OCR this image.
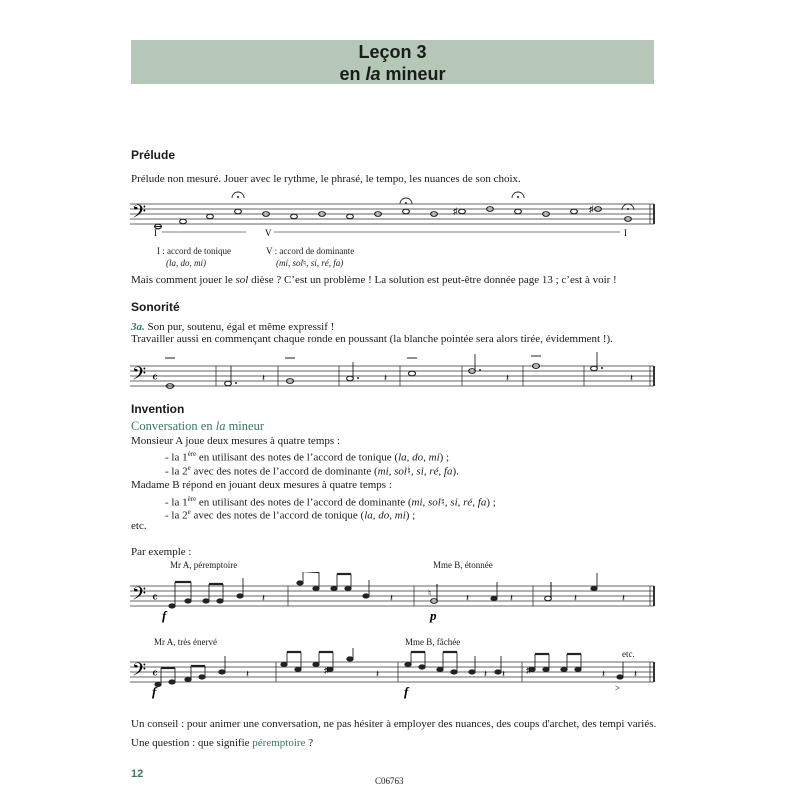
Leçon 3
en la mineur
Prélude
Prélude non mesuré. Jouer avec le rythme, le phrasé, le tempo, les nuances de son choix.
𝄢	♯	♯
I	V	I
I : accord de tonique
(la, do, mi)
V : accord de dominante
(mi, sol♮, si, ré, fa)
Mais comment jouer le sol dièse ? C’est un problème ! La solution est peut-être donnée page 13 ; c’est à voir !
Sonorité
3a. Son pur, soutenu, égal et même expressif !
Travailler aussi en commençant chaque ronde en poussant (la blanche pointée sera alors tirée, évidemment !).
𝄢 𝄴	𝄽	𝄽	𝄽	𝄽
Invention
Conversation en la mineur
Monsieur A joue deux mesures à quatre temps :
- la 1ère en utilisant des notes de l’accord de tonique (la, do, mi) ;
- la 2e avec des notes de l’accord de dominante (mi, sol♮, si, ré, fa).
Madame B répond en jouant deux mesures à quatre temps :
- la 1ère en utilisant des notes de l’accord de dominante (mi, sol♮, si, ré, fa) ;
- la 2e avec des notes de l’accord de tonique (la, do, mi) ;
etc.
Par exemple :
Mr A, péremptoire	Mme B, étonnée
𝄢 𝄴	♮
𝄽	𝄽	𝄽	𝄽	𝄽	𝄽
f	p
Mr A, très énervé	Mme B, fâchée
etc.
𝄢 𝄴	♯	♯
𝄽	𝄽	𝄽 𝄽	𝄽	𝄽
>
f	f
Un conseil : pour animer une conversation, ne pas hésiter à employer des nuances, des coups d'archet, des tempi variés.
Une question : que signifie péremptoire ?
12
C06763
